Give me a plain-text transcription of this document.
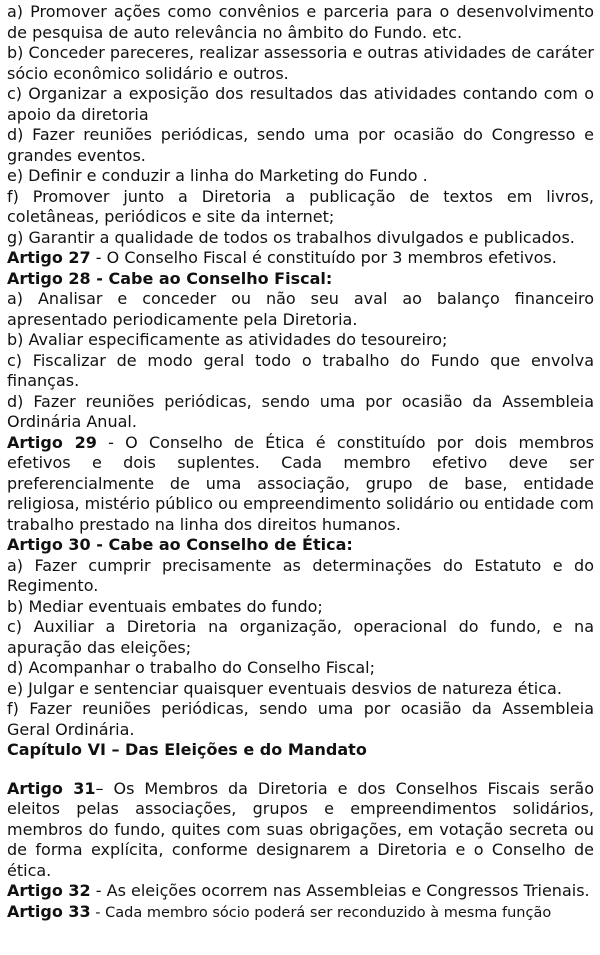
a) Promover ações como convênios e parceria para o desenvolvimento de pesquisa de auto relevância no âmbito do Fundo. etc.

b) Conceder pareceres, realizar assessoria e outras atividades de caráter sócio econômico solidário e outros.

c) Organizar a exposição dos resultados das atividades contando com o apoio da diretoria

d) Fazer reuniões periódicas, sendo uma por ocasião do Congresso e grandes eventos.

e) Definir e conduzir a linha do Marketing do Fundo .

f) Promover junto a Diretoria a publicação de textos em livros, coletâneas, periódicos e site da internet;

g) Garantir a qualidade de todos os trabalhos divulgados e publicados.

Artigo 27 - O Conselho Fiscal é constituído por 3 membros efetivos.

Artigo 28 - Cabe ao Conselho Fiscal:

a) Analisar e conceder ou não seu aval ao balanço financeiro apresentado periodicamente pela Diretoria.

b) Avaliar especificamente as atividades do tesoureiro;

c) Fiscalizar de modo geral todo o trabalho do Fundo que envolva finanças.

d) Fazer reuniões periódicas, sendo uma por ocasião da Assembleia Ordinária Anual.

Artigo 29 - O Conselho de Ética é constituído por dois membros efetivos e dois suplentes. Cada membro efetivo deve ser preferencialmente de uma associação, grupo de base, entidade religiosa, mistério público ou empreendimento solidário ou entidade com trabalho prestado na linha dos direitos humanos.

Artigo 30 - Cabe ao Conselho de Ética:

a) Fazer cumprir precisamente as determinações do Estatuto e do Regimento.

b) Mediar eventuais embates do fundo;

c) Auxiliar a Diretoria na organização, operacional do fundo, e na apuração das eleições;

d) Acompanhar o trabalho do Conselho Fiscal;

e) Julgar e sentenciar quaisquer eventuais desvios de natureza ética.

f) Fazer reuniões periódicas, sendo uma por ocasião da Assembleia Geral Ordinária.

Capítulo VI – Das Eleições e do Mandato

Artigo 31– Os Membros da Diretoria e dos Conselhos Fiscais serão eleitos pelas associações, grupos e empreendimentos solidários, membros do fundo, quites com suas obrigações, em votação secreta ou de forma explícita, conforme designarem a Diretoria e o Conselho de ética.

Artigo 32 - As eleições ocorrem nas Assembleias e Congressos Trienais.

Artigo 33 - Cada membro sócio poderá ser reconduzido à mesma função
